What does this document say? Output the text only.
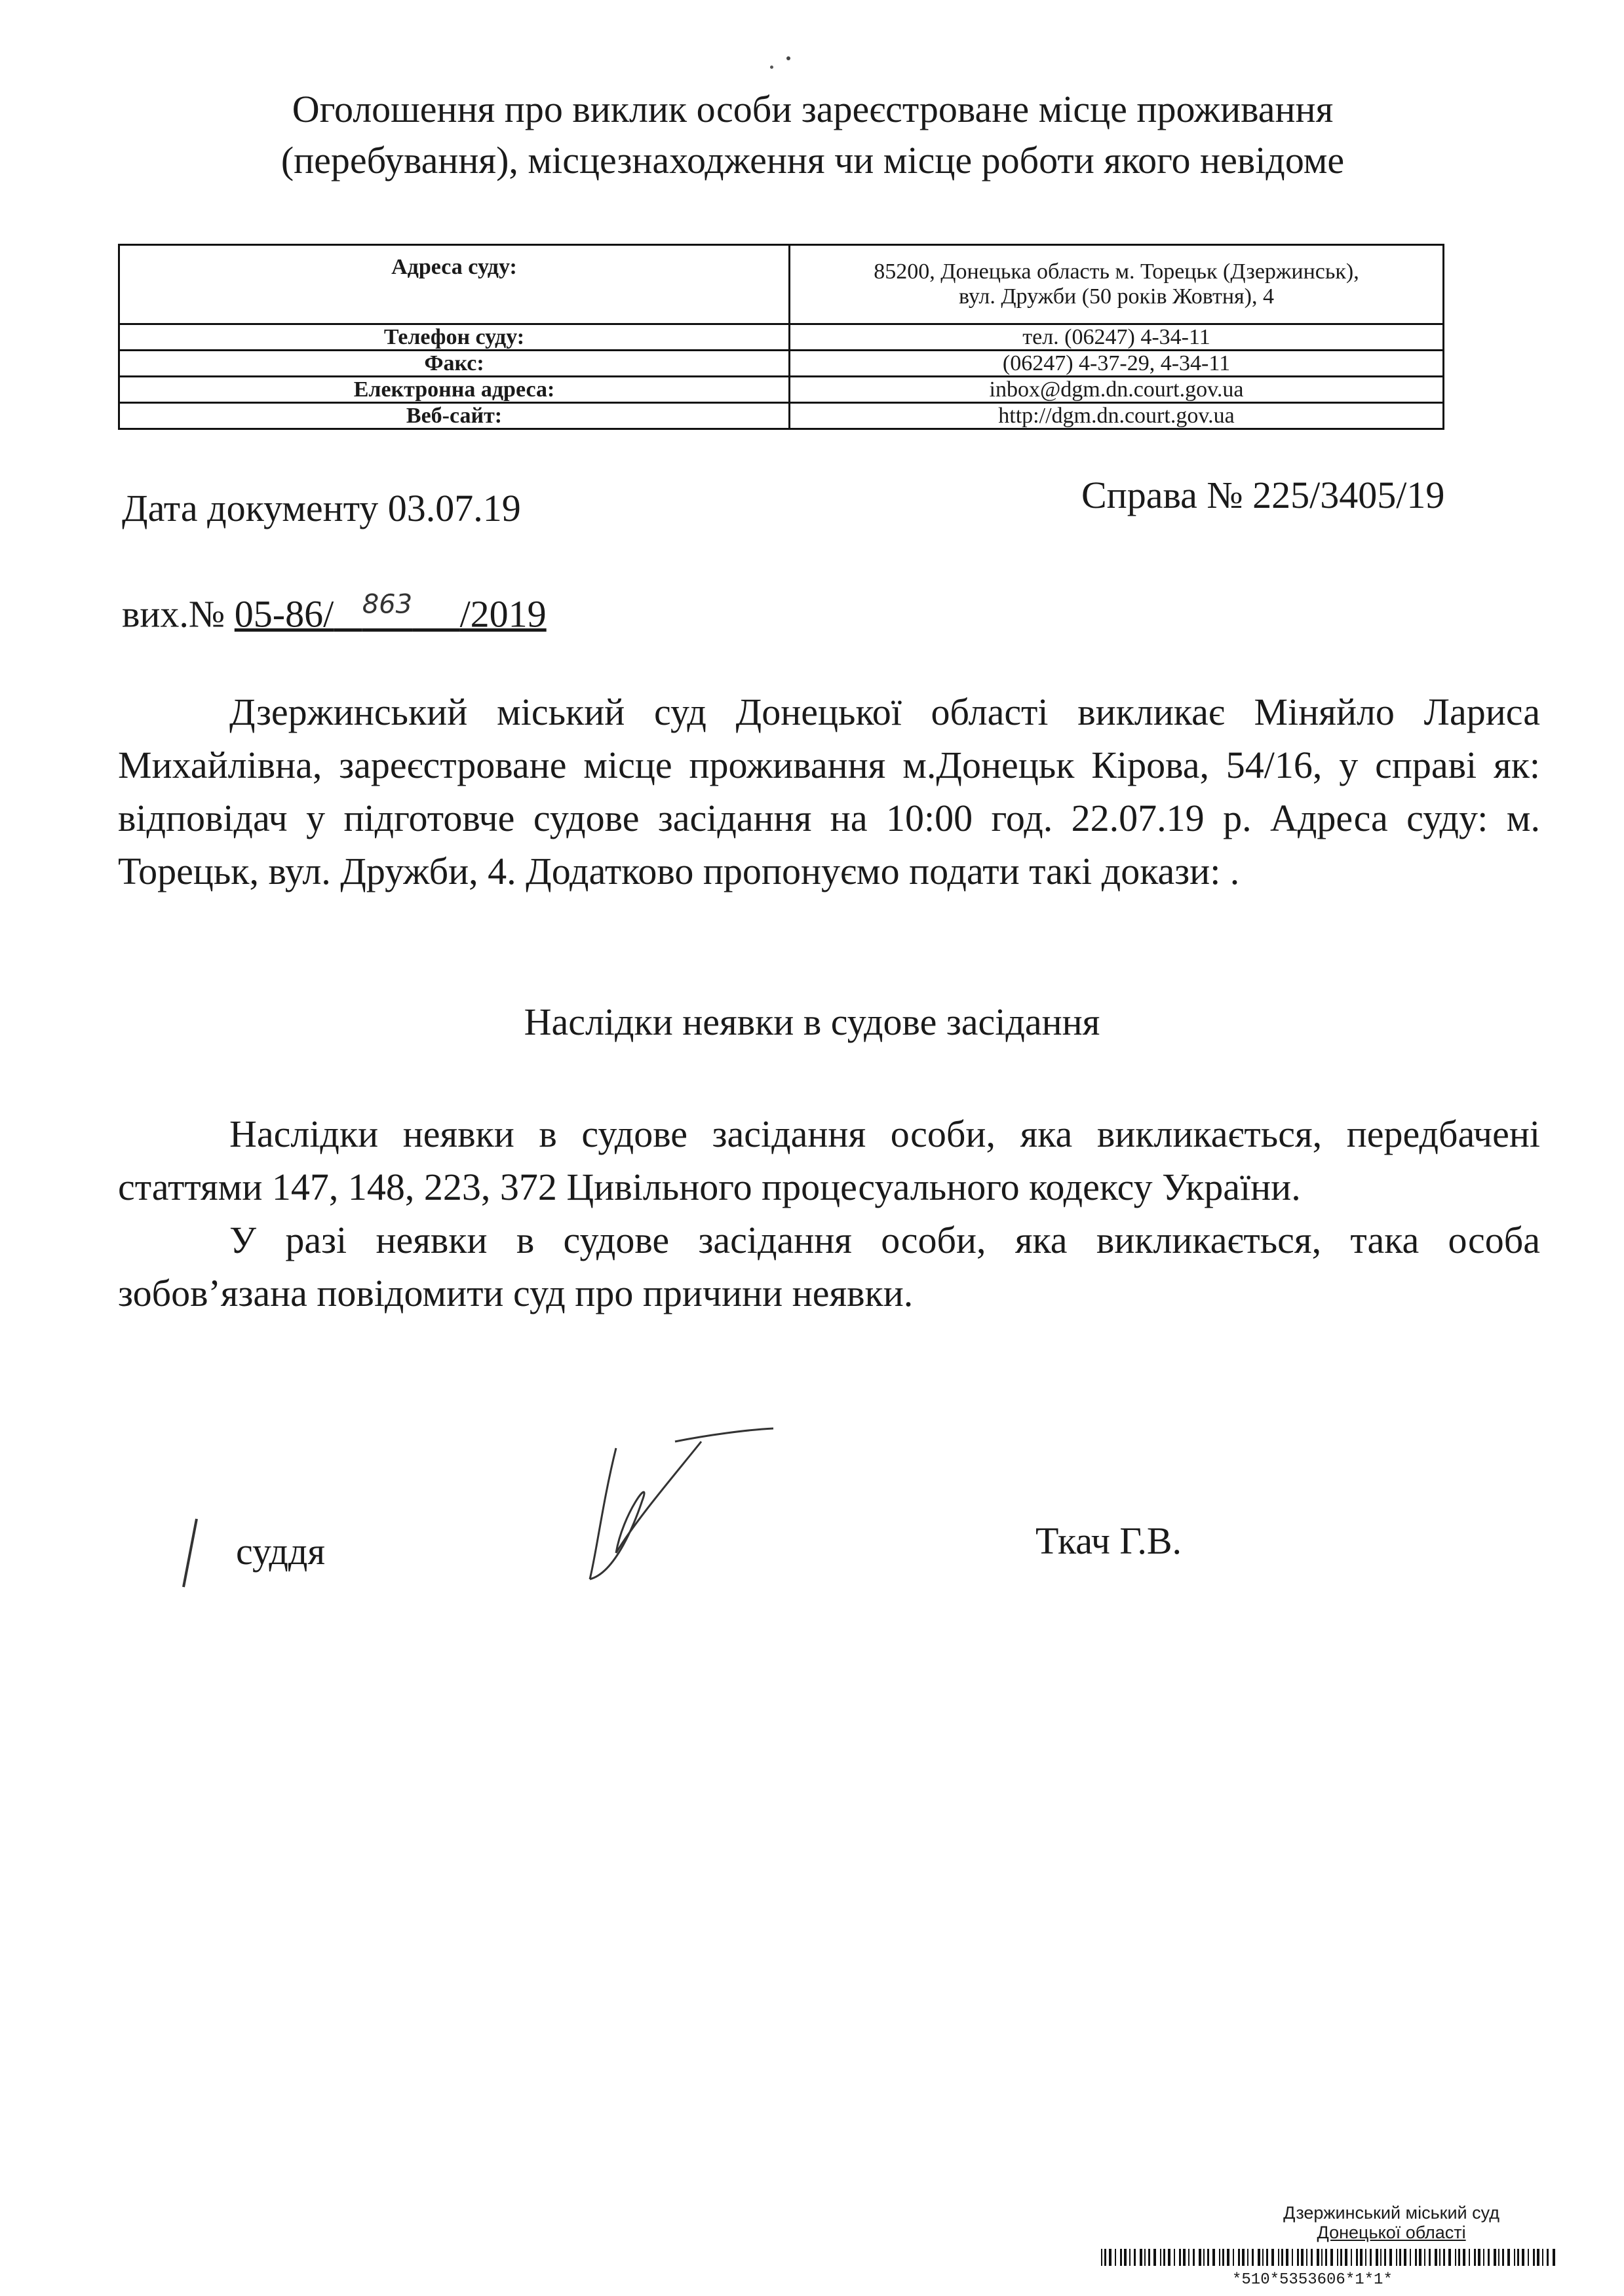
Оголошення про виклик особи зареєстроване місце проживання
(перебування), місцезнаходження чи місце роботи якого невідоме
Адреса суду:	85200, Донецька область м. Торецьк (Дзержинськ),
вул. Дружби (50 років Жовтня), 4

Телефон суду:	тел. (06247) 4-34-11
Факс:	(06247) 4-37-29, 4-34-11
Електронна адреса:	inbox@dgm.dn.court.gov.ua
Веб-сайт:	http://dgm.dn.court.gov.ua
Дата документу 03.07.19	Справа № 225/3405/19
вих.№ 05-86/ $^{863}$ /2019

Дзержинський міський суд Донецької області викликає Міняйло Лариса Михайлівна, зареєстроване місце проживання м.Донецьк Кірова, 54/16, у справі як: відповідач у підготовче судове засідання на 10:00 год. 22.07.19 р. Адреса суду: м. Торецьк, вул. Дружби, 4. Додатково пропонуємо подати такі докази: .

Наслідки неявки в судове засідання

Наслідки неявки в судове засідання особи, яка викликається, передбачені статтями 147, 148, 223, 372 Цивільного процесуального кодексу України.

У разі неявки в судове засідання особи, яка викликається, така особа зобов’язана повідомити суд про причини неявки.

суддя	Ткач Г.В.
Дзержинський міський суд
Донецької області
*510*5353606*1*1*
